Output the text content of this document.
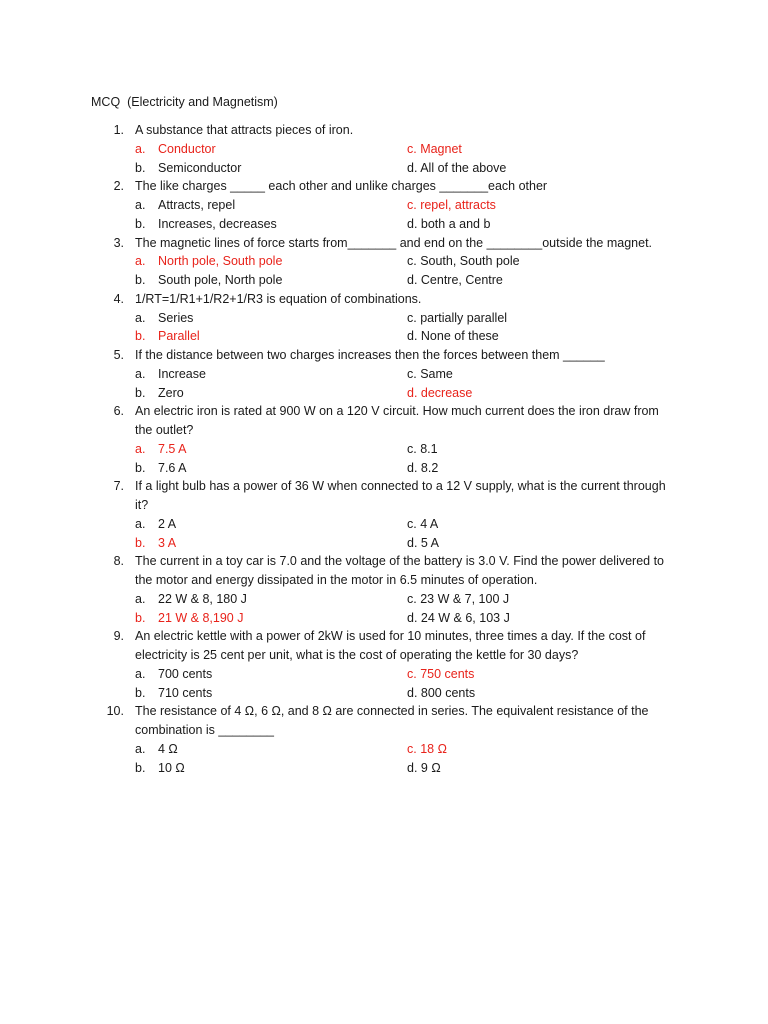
MCQ  (Electricity and Magnetism)
1. A substance that attracts pieces of iron.
a. Conductor	c. Magnet
b. Semiconductor	d. All of the above
2. The like charges _____ each other and unlike charges _______each other
a. Attracts, repel	c. repel, attracts
b. Increases, decreases	d. both a and b
3. The magnetic lines of force starts from_______ and end on the ________outside the magnet.
a. North pole, South pole	c. South, South pole
b. South pole, North pole	d. Centre, Centre
4. 1/RT=1/R1+1/R2+1/R3 is equation of combinations.
a. Series	c. partially parallel
b. Parallel	d. None of these
5. If the distance between two charges increases then the forces between them ______
a. Increase	c. Same
b. Zero	d. decrease
6. An electric iron is rated at 900 W on a 120 V circuit. How much current does the iron draw from
the outlet?
a. 7.5 A	c. 8.1
b. 7.6 A	d. 8.2
7. If a light bulb has a power of 36 W when connected to a 12 V supply, what is the current through
it?
a. 2 A	c. 4 A
b. 3 A	d. 5 A
8. The current in a toy car is 7.0 and the voltage of the battery is 3.0 V. Find the power delivered to
the motor and energy dissipated in the motor in 6.5 minutes of operation.
a. 22 W & 8, 180 J	c. 23 W & 7, 100 J
b. 21 W & 8,190 J	d. 24 W & 6, 103 J
9. An electric kettle with a power of 2kW is used for 10 minutes, three times a day. If the cost of
electricity is 25 cent per unit, what is the cost of operating the kettle for 30 days?
a. 700 cents	c. 750 cents
b. 710 cents	d. 800 cents
10. The resistance of 4 Ω, 6 Ω, and 8 Ω are connected in series. The equivalent resistance of the
combination is ________
a. 4 Ω	c. 18 Ω
b. 10 Ω	d. 9 Ω
